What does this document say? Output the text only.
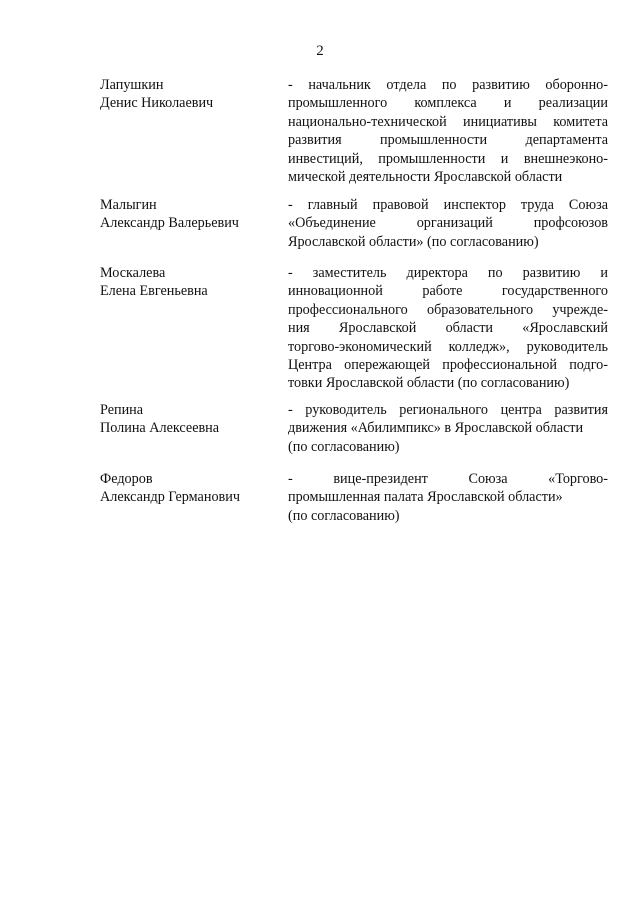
2
Лапушкин
Денис Николаевич
- начальник отдела по развитию оборонно-
промышленного комплекса и реализации
национально-технической инициативы комитета
развития промышленности департамента
инвестиций, промышленности и внешнеэконо-
мической деятельности Ярославской области
Малыгин
Александр Валерьевич
- главный правовой инспектор труда Союза
«Объединение организаций профсоюзов
Ярославской области» (по согласованию)
Москалева
Елена Евгеньевна
- заместитель директора по развитию и
инновационной работе государственного
профессионального образовательного учрежде-
ния Ярославской области «Ярославский
торгово-экономический колледж», руководитель
Центра опережающей профессиональной подго-
товки Ярославской области (по согласованию)
Репина
Полина Алексеевна
- руководитель регионального центра развития
движения «Абилимпикс» в Ярославской области
(по согласованию)
Федоров
Александр Германович
- вице-президент Союза «Торгово-
промышленная палата Ярославской области»
(по согласованию)
